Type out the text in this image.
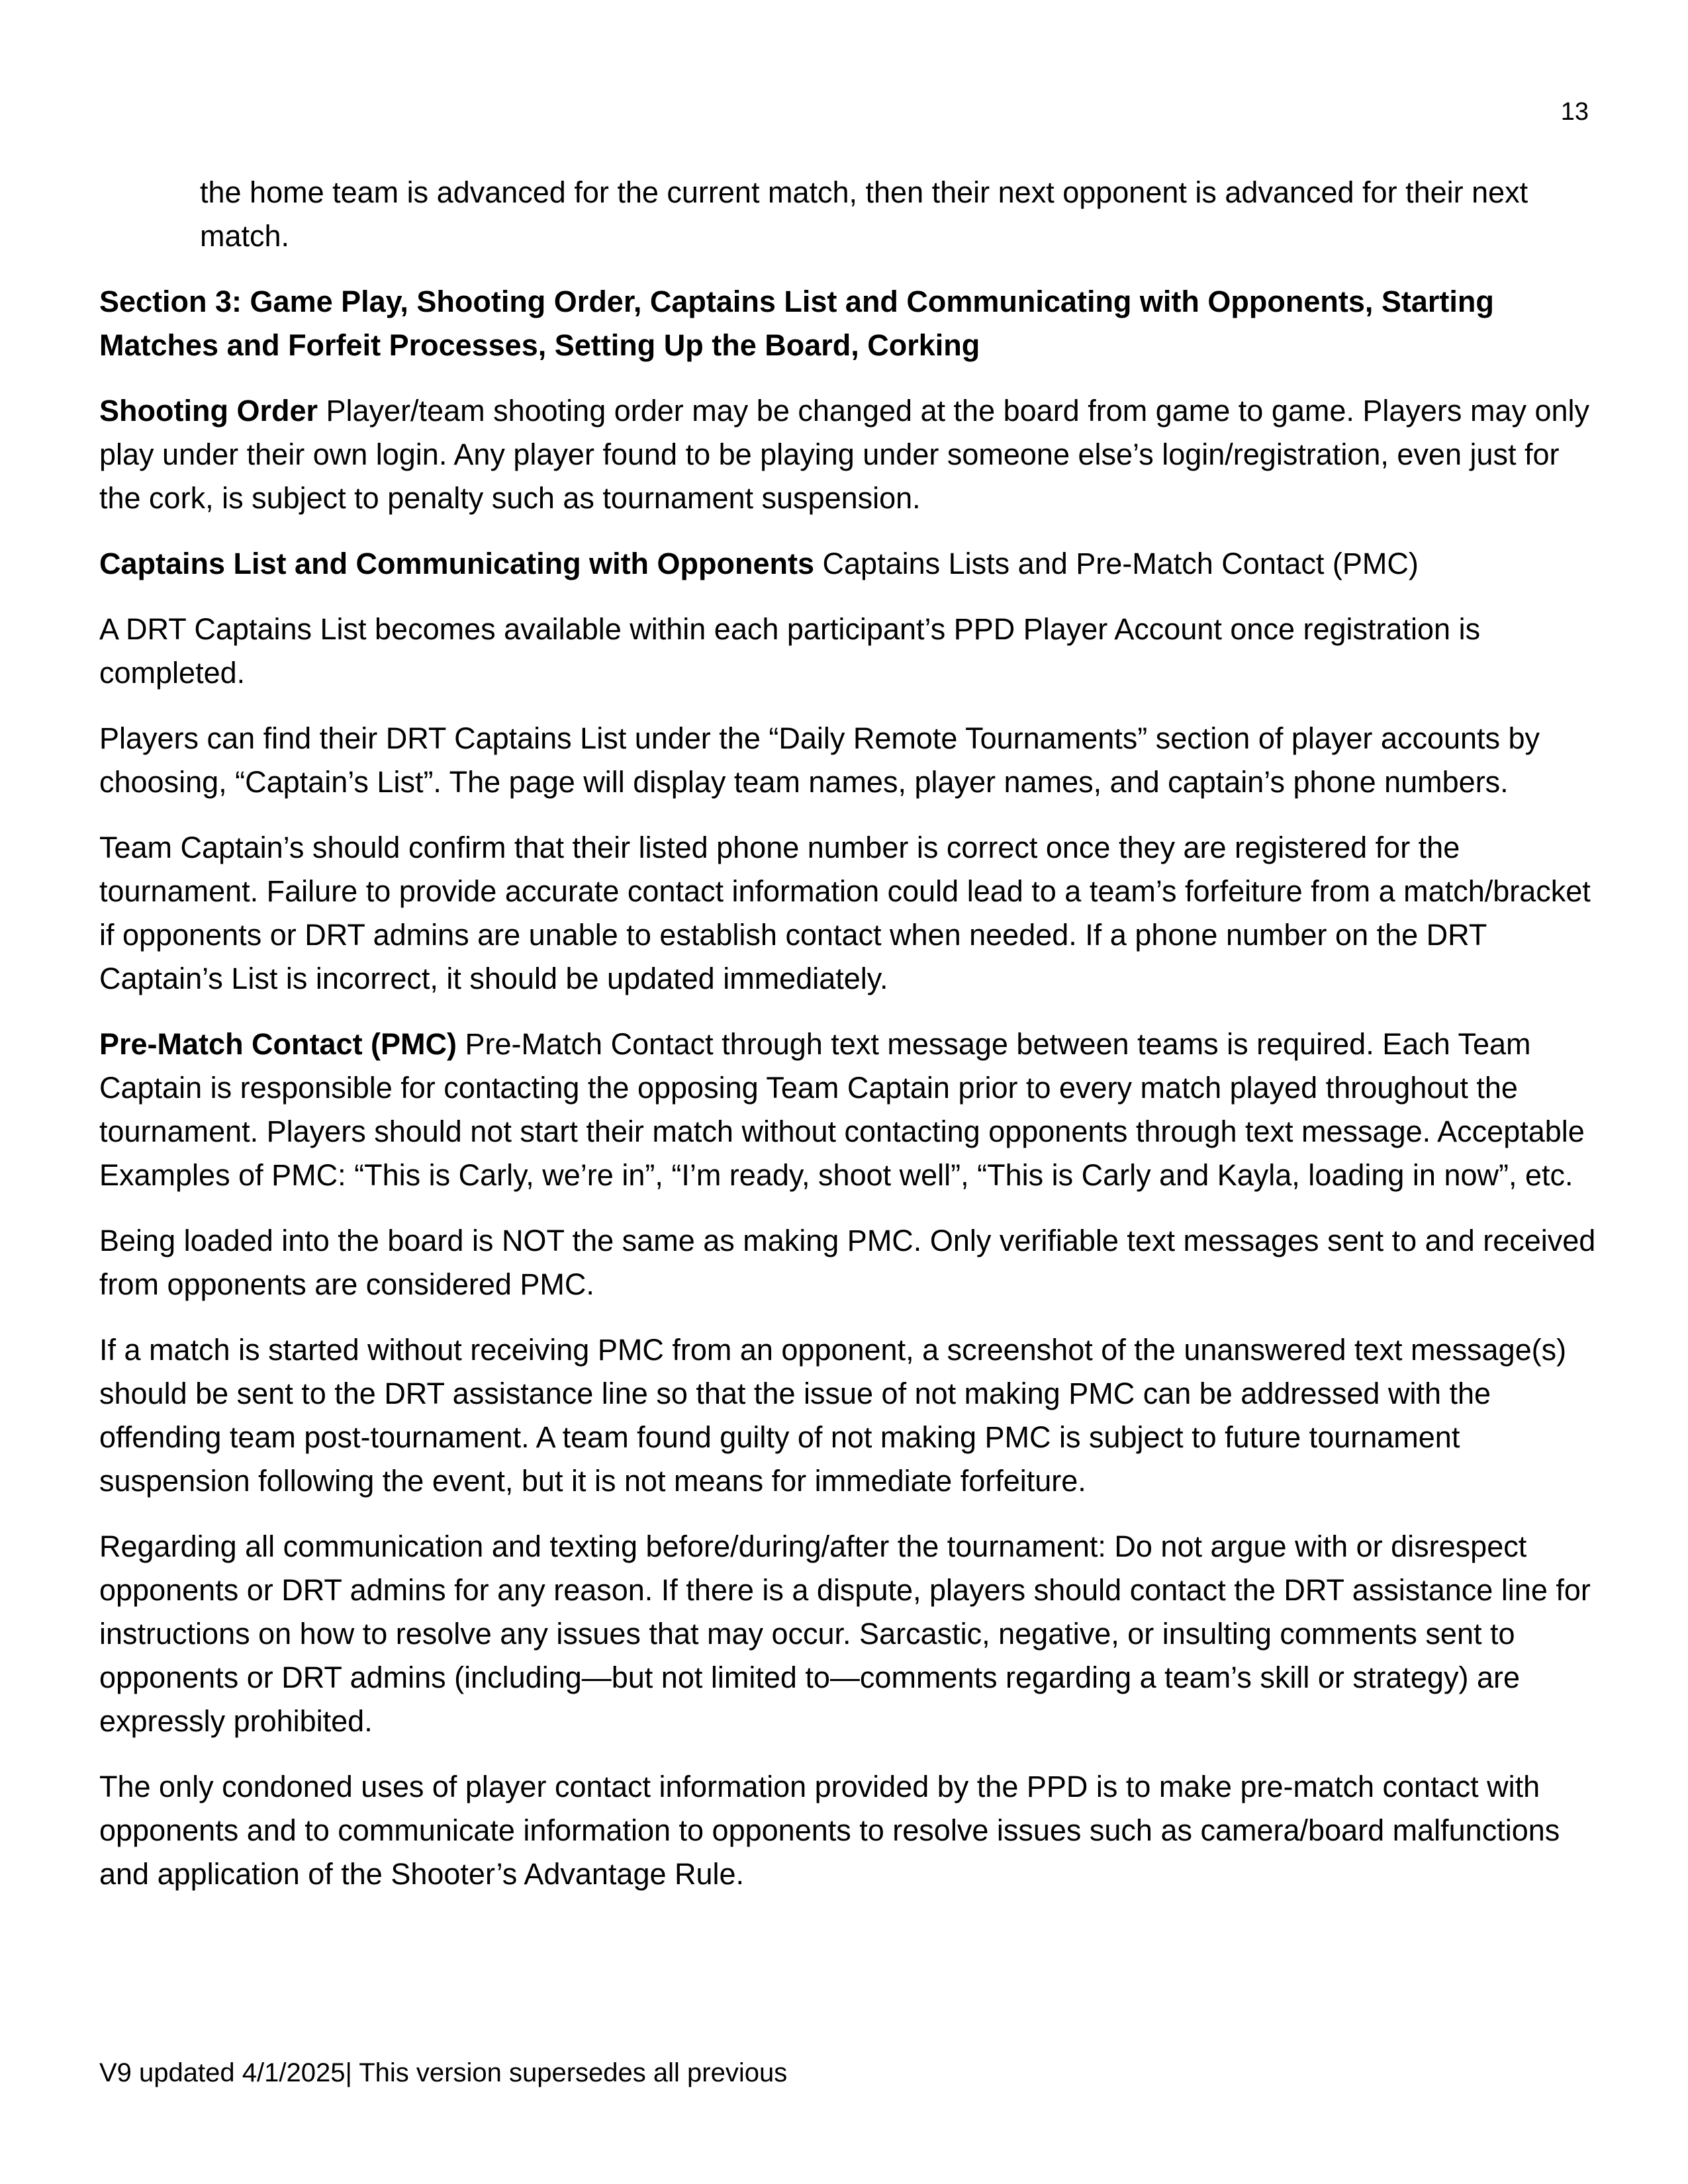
13

the home team is advanced for the current match, then their next opponent is advanced for their next match.

Section 3: Game Play, Shooting Order, Captains List and Communicating with Opponents, Starting Matches and Forfeit Processes, Setting Up the Board, Corking

Shooting Order Player/team shooting order may be changed at the board from game to game. Players may only play under their own login. Any player found to be playing under someone else’s login/registration, even just for the cork, is subject to penalty such as tournament suspension.

Captains List and Communicating with Opponents Captains Lists and Pre-Match Contact (PMC)

A DRT Captains List becomes available within each participant’s PPD Player Account once registration is completed.

Players can find their DRT Captains List under the “Daily Remote Tournaments” section of player accounts by choosing, “Captain’s List”. The page will display team names, player names, and captain’s phone numbers.

Team Captain’s should confirm that their listed phone number is correct once they are registered for the tournament. Failure to provide accurate contact information could lead to a team’s forfeiture from a match/bracket if opponents or DRT admins are unable to establish contact when needed. If a phone number on the DRT Captain’s List is incorrect, it should be updated immediately.

Pre-Match Contact (PMC) Pre-Match Contact through text message between teams is required. Each Team Captain is responsible for contacting the opposing Team Captain prior to every match played throughout the tournament. Players should not start their match without contacting opponents through text message. Acceptable Examples of PMC: “This is Carly, we’re in”, “I’m ready, shoot well”, “This is Carly and Kayla, loading in now”, etc.

Being loaded into the board is NOT the same as making PMC. Only verifiable text messages sent to and received from opponents are considered PMC.

If a match is started without receiving PMC from an opponent, a screenshot of the unanswered text message(s) should be sent to the DRT assistance line so that the issue of not making PMC can be addressed with the offending team post-tournament. A team found guilty of not making PMC is subject to future tournament suspension following the event, but it is not means for immediate forfeiture.

Regarding all communication and texting before/during/after the tournament: Do not argue with or disrespect opponents or DRT admins for any reason. If there is a dispute, players should contact the DRT assistance line for instructions on how to resolve any issues that may occur. Sarcastic, negative, or insulting comments sent to opponents or DRT admins (including—but not limited to—comments regarding a team’s skill or strategy) are expressly prohibited.

The only condoned uses of player contact information provided by the PPD is to make pre-match contact with opponents and to communicate information to opponents to resolve issues such as camera/board malfunctions and application of the Shooter’s Advantage Rule.

V9 updated 4/1/2025| This version supersedes all previous
